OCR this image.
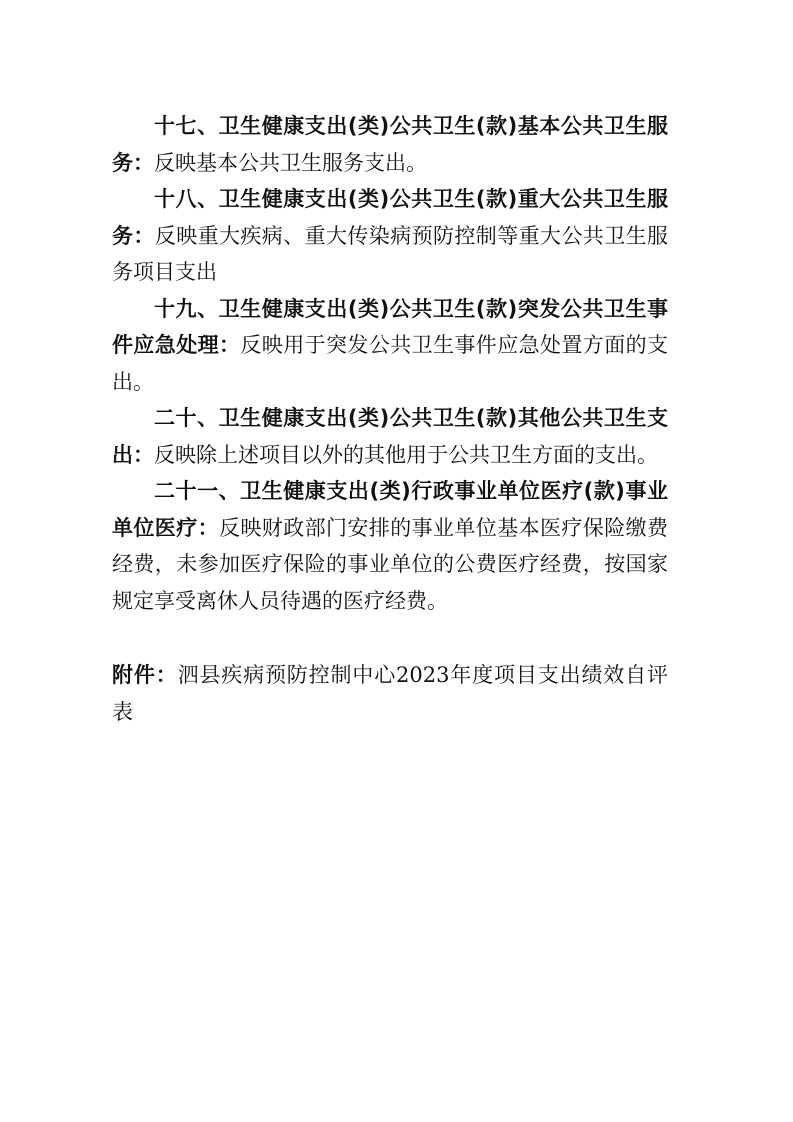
十七、卫生健康支出(类)公共卫生(款)基本公共卫生服务：反映基本公共卫生服务支出。

十八、卫生健康支出(类)公共卫生(款)重大公共卫生服务：反映重大疾病、重大传染病预防控制等重大公共卫生服务项目支出

十九、卫生健康支出(类)公共卫生(款)突发公共卫生事件应急处理：反映用于突发公共卫生事件应急处置方面的支出。

二十、卫生健康支出(类)公共卫生(款)其他公共卫生支出：反映除上述项目以外的其他用于公共卫生方面的支出。

二十一、卫生健康支出(类)行政事业单位医疗(款)事业单位医疗：反映财政部门安排的事业单位基本医疗保险缴费经费，未参加医疗保险的事业单位的公费医疗经费，按国家规定享受离休人员待遇的医疗经费。

附件：泗县疾病预防控制中心2023年度项目支出绩效自评表
